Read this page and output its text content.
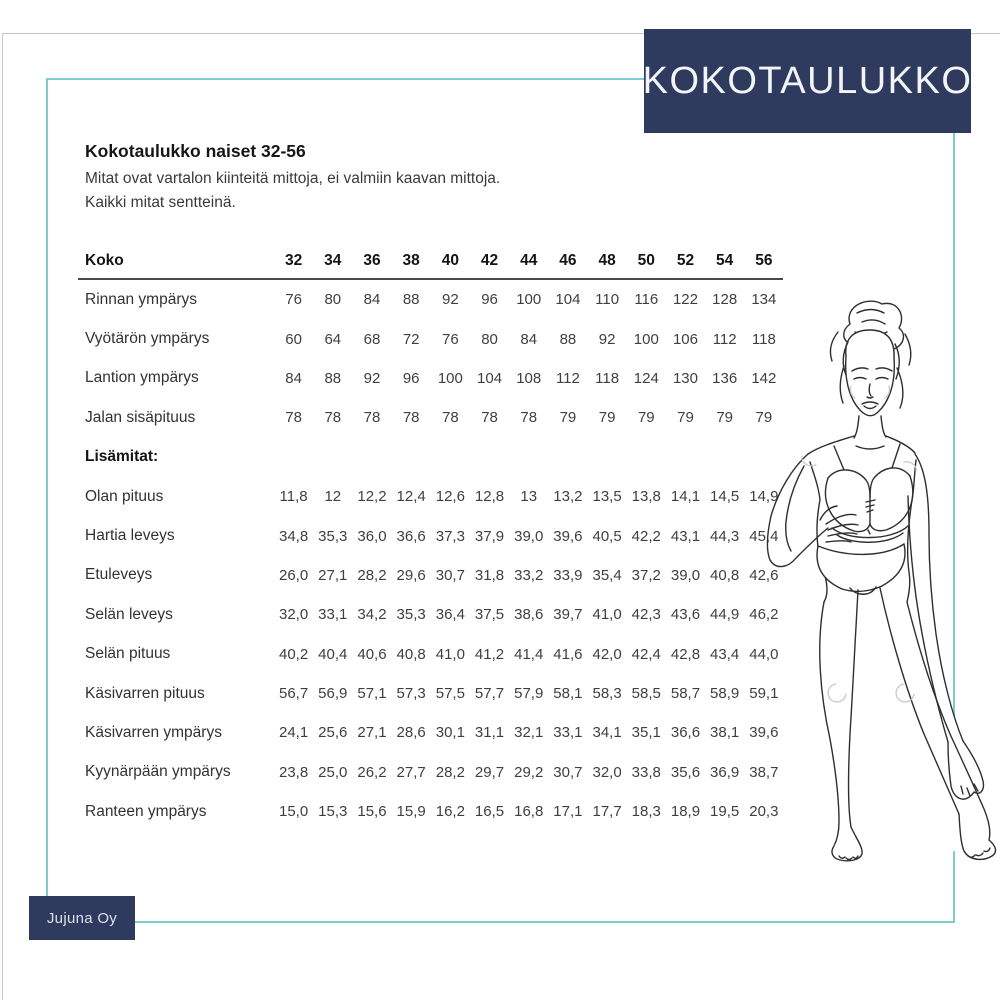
Kokotaulukko naiset 32-56
Mitat ovat vartalon kiinteitä mittoja, ei valmiin kaavan mittoja.
Kaikki mitat sentteinä.
Koko	32	34	36	38	40	42	44	46	48	50	52	54	56
Rinnan ympärys	76	80	84	88	92	96	100 104 110	116 122 128 134
Vyötärön ympärys	60	64	68	72	76	80	84	88	92	100 106 112	118
Lantion ympärys	84	88	92	96	100 104 108 112	118 124 130 136 142
Jalan sisäpituus	78	78	78	78	78	78	78	79	79	79	79	79	79
Lisämitat:
Olan pituus	11,8	12	12,2 12,4 12,6 12,8	13	13,2 13,5 13,8 14,1 14,5 14,9
Hartia leveys	34,8 35,3 36,0 36,6 37,3 37,9 39,0 39,6 40,5 42,2 43,1 44,3 45,4
Etuleveys	26,0 27,1 28,2 29,6 30,7 31,8 33,2 33,9 35,4 37,2 39,0 40,8 42,6
Selän leveys	32,0 33,1 34,2 35,3 36,4 37,5 38,6 39,7 41,0 42,3 43,6 44,9 46,2
Selän pituus	40,2 40,4 40,6 40,8 41,0 41,2 41,4 41,6 42,0 42,4 42,8 43,4 44,0
Käsivarren pituus	56,7 56,9 57,1 57,3 57,5 57,7 57,9 58,1 58,3 58,5 58,7 58,9 59,1
Käsivarren ympärys	24,1 25,6 27,1 28,6 30,1 31,1 32,1 33,1 34,1 35,1 36,6 38,1 39,6
Kyynärpään ympärys	23,8 25,0 26,2 27,7 28,2 29,7 29,2 30,7 32,0 33,8 35,6 36,9 38,7
Ranteen ympärys	15,0 15,3 15,6 15,9 16,2 16,5 16,8 17,1 17,7 18,3 18,9 19,5 20,3
Jujuna Oy
KOKOTAULUKKO
